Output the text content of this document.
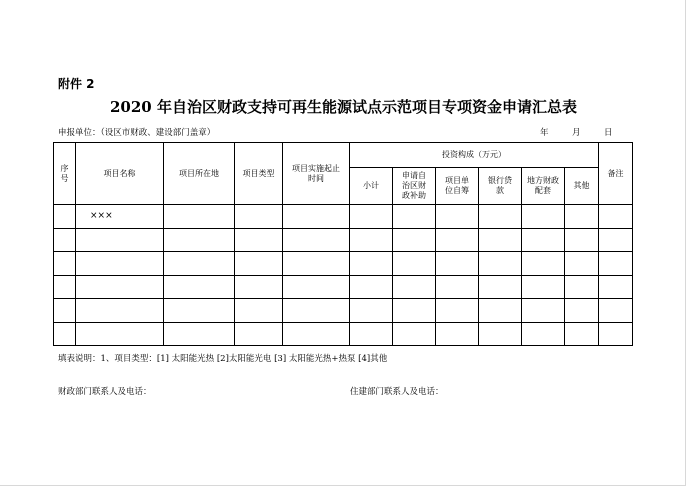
附件 2
2020 年自治区财政支持可再生能源试点示范项目专项资金申请汇总表
申报单位：（设区市财政、建设部门盖章）	年	月	日
序号	项目名称	项目所在地	项目类型	项目实施起止时间	投资构成（万元）						备注
					小计	申请自治区财政补助	项目单位自筹	银行贷款	地方财政配套	其他	
	×××										

填表说明：1、项目类型：[1] 太阳能光热 [2]太阳能光电 [3] 太阳能光热+热泵 [4]其他
财政部门联系人及电话：	住建部门联系人及电话：
